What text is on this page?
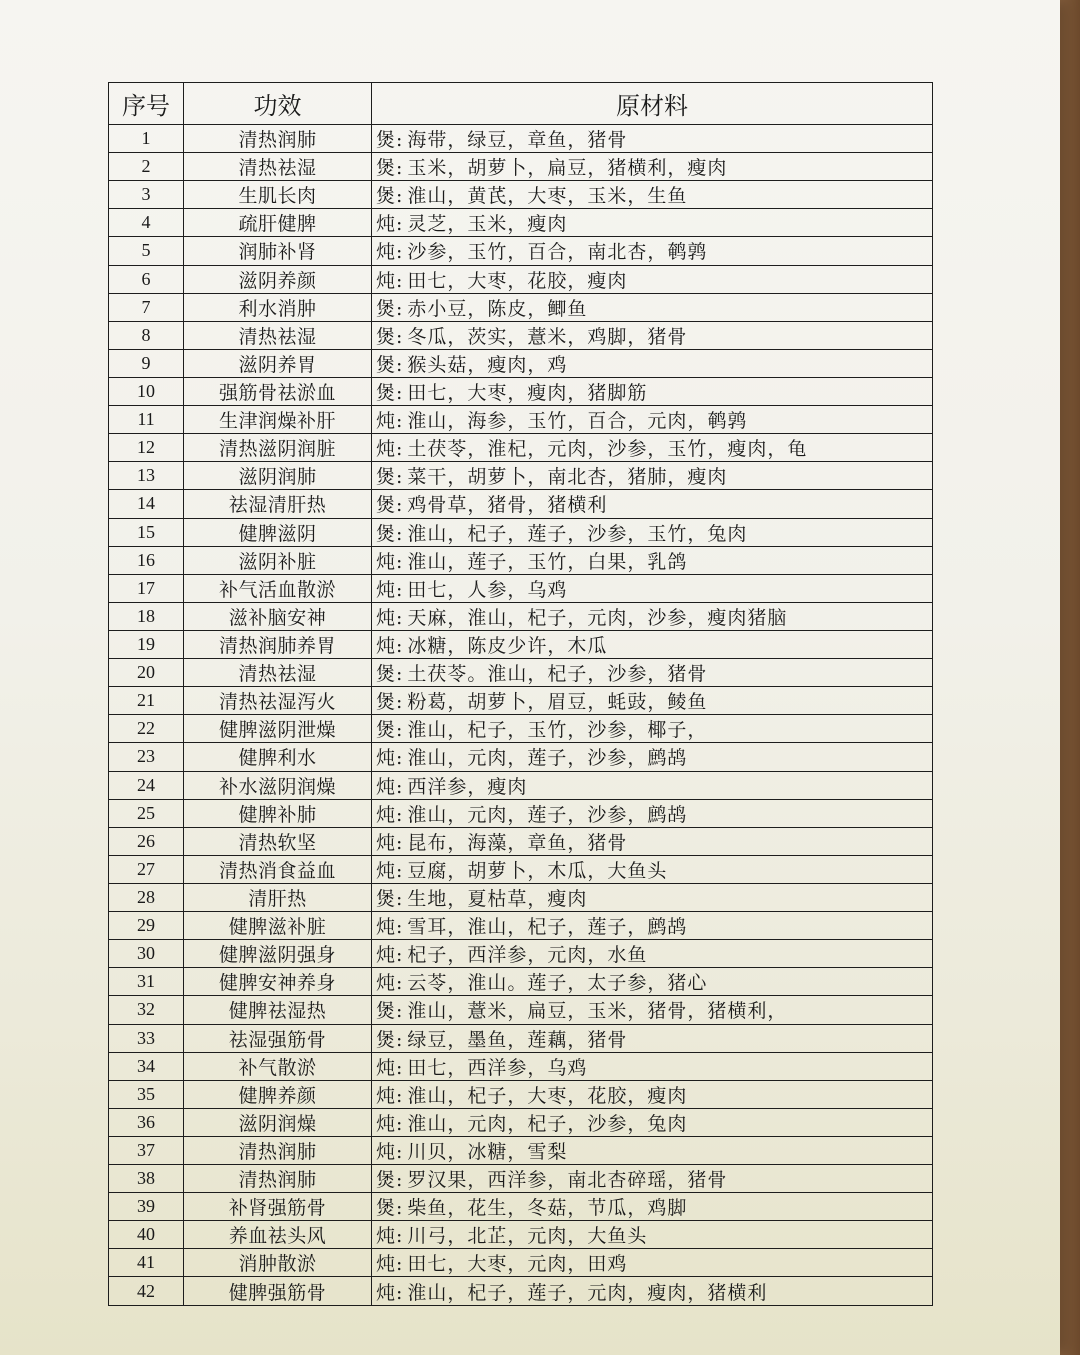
序号	功效	原材料
1	清热润肺	煲: 海带，绿豆，章鱼，猪骨
2	清热祛湿	煲: 玉米，胡萝卜，扁豆，猪横利，瘦肉
3	生肌长肉	煲: 淮山，黄芪，大枣，玉米，生鱼
4	疏肝健脾	炖: 灵芝，玉米，瘦肉
5	润肺补肾	炖: 沙参，玉竹，百合，南北杏，鹌鹑
6	滋阴养颜	炖: 田七，大枣，花胶，瘦肉
7	利水消肿	煲: 赤小豆，陈皮，鲫鱼
8	清热祛湿	煲: 冬瓜，茨实，薏米，鸡脚，猪骨
9	滋阴养胃	煲: 猴头菇，瘦肉，鸡
10	强筋骨祛淤血	煲: 田七，大枣，瘦肉，猪脚筋
11	生津润燥补肝	炖: 淮山，海参，玉竹，百合，元肉，鹌鹑
12	清热滋阴润脏	炖: 土茯苓，淮杞，元肉，沙参，玉竹，瘦肉，龟
13	滋阴润肺	煲: 菜干，胡萝卜，南北杏，猪肺，瘦肉
14	祛湿清肝热	煲: 鸡骨草，猪骨，猪横利
15	健脾滋阴	煲: 淮山，杞子，莲子，沙参，玉竹，兔肉
16	滋阴补脏	炖: 淮山，莲子，玉竹，白果，乳鸽
17	补气活血散淤	炖: 田七，人参，乌鸡
18	滋补脑安神	炖: 天麻，淮山，杞子，元肉，沙参，瘦肉猪脑
19	清热润肺养胃	炖: 冰糖，陈皮少许，木瓜
20	清热祛湿	煲: 土茯苓。淮山，杞子，沙参，猪骨
21	清热祛湿泻火	煲: 粉葛，胡萝卜，眉豆，蚝豉，鲮鱼
22	健脾滋阴泄燥	煲: 淮山，杞子，玉竹，沙参，椰子，
23	健脾利水	炖: 淮山，元肉，莲子，沙参，鹧鸪
24	补水滋阴润燥	炖: 西洋参，瘦肉
25	健脾补肺	炖: 淮山，元肉，莲子，沙参，鹧鸪
26	清热软坚	炖: 昆布，海藻，章鱼，猪骨
27	清热消食益血	炖: 豆腐，胡萝卜，木瓜，大鱼头
28	清肝热	煲: 生地，夏枯草，瘦肉
29	健脾滋补脏	炖: 雪耳，淮山，杞子，莲子，鹧鸪
30	健脾滋阴强身	炖: 杞子，西洋参，元肉，水鱼
31	健脾安神养身	炖: 云苓，淮山。莲子，太子参，猪心
32	健脾祛湿热	煲: 淮山，薏米，扁豆，玉米，猪骨，猪横利，
33	祛湿强筋骨	煲: 绿豆，墨鱼，莲藕，猪骨
34	补气散淤	炖: 田七，西洋参，乌鸡
35	健脾养颜	炖: 淮山，杞子，大枣，花胶，瘦肉
36	滋阴润燥	炖: 淮山，元肉，杞子，沙参，兔肉
37	清热润肺	炖: 川贝，冰糖，雪梨
38	清热润肺	煲: 罗汉果，西洋参，南北杏碎瑶，猪骨
39	补肾强筋骨	煲: 柴鱼，花生，冬菇，节瓜，鸡脚
40	养血祛头风	炖: 川弓，北芷，元肉，大鱼头
41	消肿散淤	炖: 田七，大枣，元肉，田鸡
42	健脾强筋骨	炖: 淮山，杞子，莲子，元肉，瘦肉，猪横利
